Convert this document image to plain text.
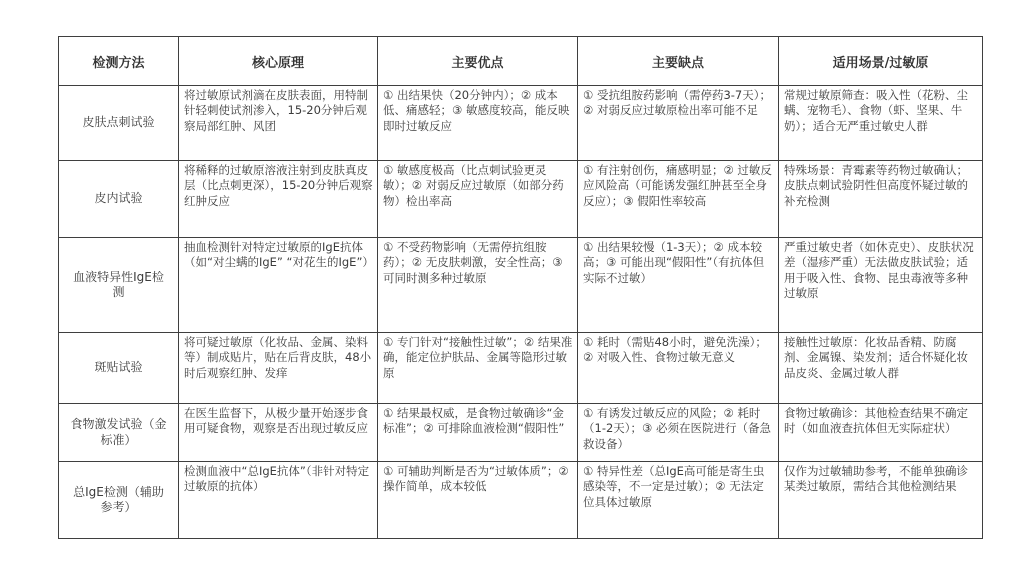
检测方法	核心原理	主要优点	主要缺点	适用场景/过敏原
皮肤点刺试验	将过敏原试剂滴在皮肤表面，用特制针轻刺使试剂渗入，15-20分钟后观察局部红肿、风团	① 出结果快（20分钟内）；② 成本低、痛感轻；③ 敏感度较高，能反映即时过敏反应	① 受抗组胺药影响（需停药3-7天）；② 对弱反应过敏原检出率可能不足	常规过敏原筛查：吸入性（花粉、尘螨、宠物毛）、食物（虾、坚果、牛奶）；适合无严重过敏史人群
皮内试验	将稀释的过敏原溶液注射到皮肤真皮层（比点刺更深），15-20分钟后观察红肿反应	① 敏感度极高（比点刺试验更灵敏）；② 对弱反应过敏原（如部分药物）检出率高	① 有注射创伤，痛感明显；② 过敏反应风险高（可能诱发强红肿甚至全身反应）；③ 假阳性率较高	特殊场景：青霉素等药物过敏确认；皮肤点刺试验阴性但高度怀疑过敏的补充检测
血液特异性IgE检测	抽血检测针对特定过敏原的IgE抗体（如“对尘螨的IgE” “对花生的IgE”）	① 不受药物影响（无需停抗组胺药）；② 无皮肤刺激，安全性高；③ 可同时测多种过敏原	① 出结果较慢（1-3天）；② 成本较高；③ 可能出现“假阳性”（有抗体但实际不过敏）	严重过敏史者（如休克史）、皮肤状况差（湿疹严重）无法做皮肤试验；适用于吸入性、食物、昆虫毒液等多种过敏原
斑贴试验	将可疑过敏原（化妆品、金属、染料等）制成贴片，贴在后背皮肤，48小时后观察红肿、发痒	① 专门针对“接触性过敏”；② 结果准确，能定位护肤品、金属等隐形过敏原	① 耗时（需贴48小时，避免洗澡）；② 对吸入性、食物过敏无意义	接触性过敏原：化妆品香精、防腐剂、金属镍、染发剂；适合怀疑化妆品皮炎、金属过敏人群
食物激发试验（金标准）	在医生监督下，从极少量开始逐步食用可疑食物，观察是否出现过敏反应	① 结果最权威，是食物过敏确诊“金标准”；② 可排除血液检测“假阳性”	① 有诱发过敏反应的风险；② 耗时（1-2天）；③ 必须在医院进行（备急救设备）	食物过敏确诊：其他检查结果不确定时（如血液查抗体但无实际症状）
总IgE检测（辅助参考）	检测血液中“总IgE抗体”（非针对特定过敏原的抗体）	① 可辅助判断是否为“过敏体质”；② 操作简单，成本较低	① 特异性差（总IgE高可能是寄生虫感染等，不一定是过敏）；② 无法定位具体过敏原	仅作为过敏辅助参考，不能单独确诊某类过敏原，需结合其他检测结果
